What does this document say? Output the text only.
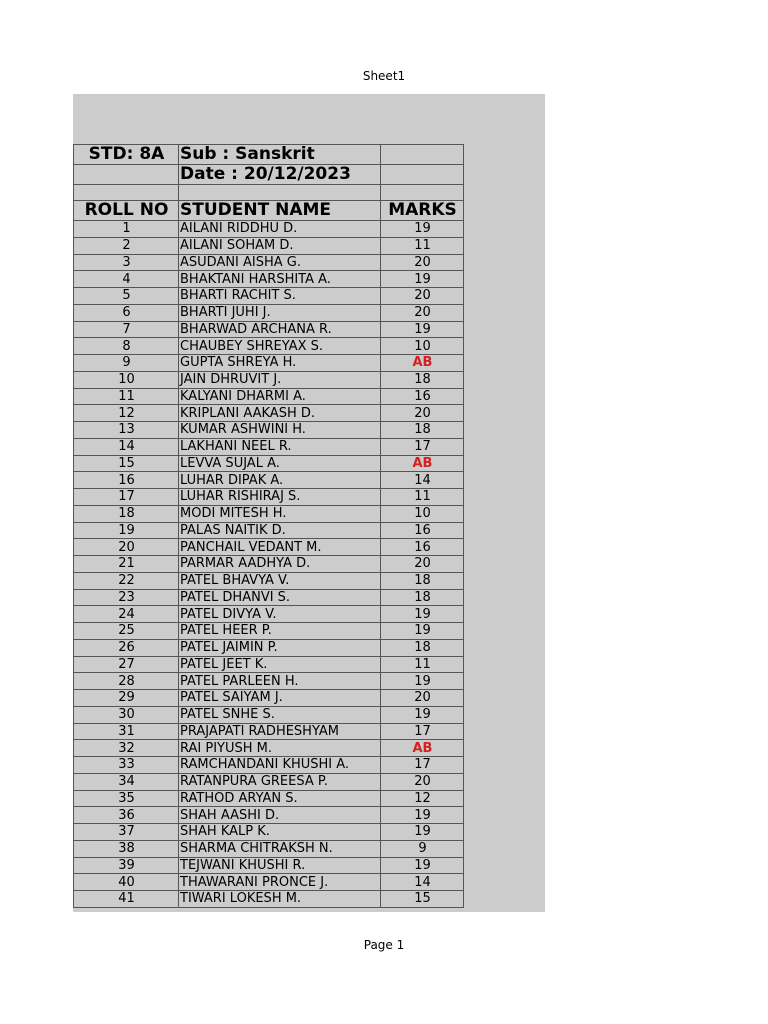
Sheet1
STD: 8A	Sub : Sanskrit	
	Date : 20/12/2023	

ROLL NO	STUDENT NAME	MARKS
1	AILANI RIDDHU D.	19
2	AILANI SOHAM D.	11
3	ASUDANI AISHA G.	20
4	BHAKTANI HARSHITA A.	19
5	BHARTI RACHIT S.	20
6	BHARTI JUHI J.	20
7	BHARWAD ARCHANA R.	19
8	CHAUBEY SHREYAX S.	10
9	GUPTA SHREYA H.	AB
10	JAIN DHRUVIT J.	18
11	KALYANI DHARMI A.	16
12	KRIPLANI AAKASH D.	20
13	KUMAR ASHWINI H.	18
14	LAKHANI NEEL R.	17
15	LEVVA SUJAL A.	AB
16	LUHAR DIPAK A.	14
17	LUHAR RISHIRAJ S.	11
18	MODI MITESH H.	10
19	PALAS NAITIK D.	16
20	PANCHAIL VEDANT M.	16
21	PARMAR AADHYA D.	20
22	PATEL BHAVYA V.	18
23	PATEL DHANVI S.	18
24	PATEL DIVYA V.	19
25	PATEL HEER P.	19
26	PATEL JAIMIN P.	18
27	PATEL JEET K.	11
28	PATEL PARLEEN H.	19
29	PATEL SAIYAM J.	20
30	PATEL SNHE S.	19
31	PRAJAPATI RADHESHYAM	17
32	RAI PIYUSH M.	AB
33	RAMCHANDANI KHUSHI A.	17
34	RATANPURA GREESA P.	20
35	RATHOD ARYAN S.	12
36	SHAH AASHI D.	19
37	SHAH KALP K.	19
38	SHARMA CHITRAKSH N.	9
39	TEJWANI KHUSHI R.	19
40	THAWARANI PRONCE J.	14
41	TIWARI LOKESH M.	15
Page 1
